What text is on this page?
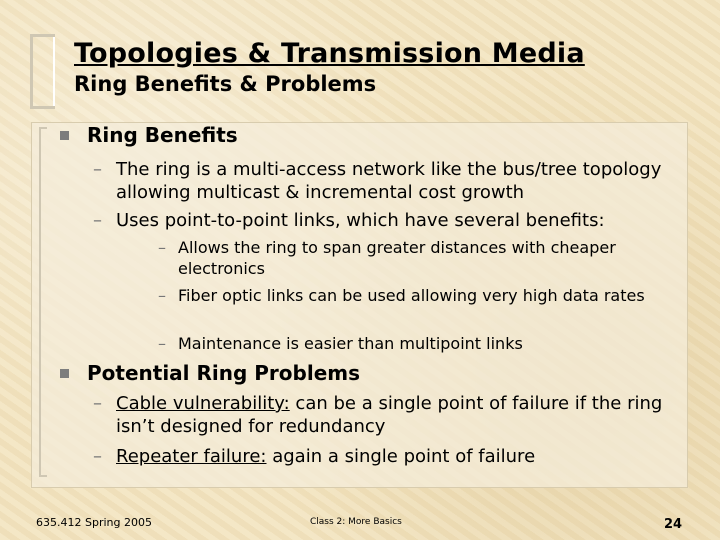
Topologies & Transmission Media
Ring Benefits & Problems
Ring Benefits
– The ring is a multi-access network like the bus/tree topology allowing multicast & incremental cost growth
– Uses point-to-point links, which have several benefits:
– Allows the ring to span greater distances with cheaper electronics
– Fiber optic links can be used allowing very high data rates
– Maintenance is easier than multipoint links
Potential Ring Problems
– Cable vulnerability: can be a single point of failure if the ring isn’t designed for redundancy
– Repeater failure: again a single point of failure
635.412 Spring 2005	Class 2: More Basics	24
